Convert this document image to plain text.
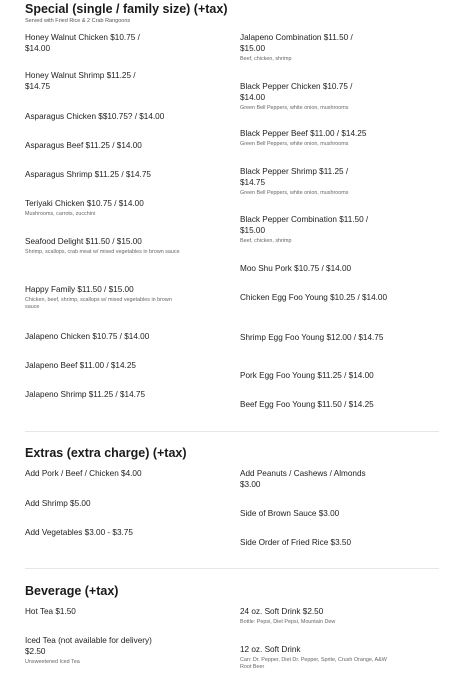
Special (single / family size) (+tax)
Served with Fried Rice & 2 Crab Rangoons
Honey Walnut Chicken $10.75 / $14.00
Honey Walnut Shrimp $11.25 / $14.75
Asparagus Chicken $$10.75? / $14.00
Asparagus Beef $11.25 / $14.00
Asparagus Shrimp $11.25 / $14.75
Teriyaki Chicken $10.75 / $14.00
Mushrooms, carrots, zucchini
Seafood Delight $11.50 / $15.00
Shrimp, scallops, crab meat w/ mixed vegetables in brown sauce
Happy Family $11.50 / $15.00
Chicken, beef, shrimp, scallops w/ mixed vegetables in brown sauce
Jalapeno Chicken $10.75 / $14.00
Jalapeno Beef $11.00 / $14.25
Jalapeno Shrimp $11.25 / $14.75
Jalapeno Combination $11.50 / $15.00
Beef, chicken, shrimp
Black Pepper Chicken $10.75 / $14.00
Green Bell Peppers, white onion, mushrooms
Black Pepper Beef $11.00 / $14.25
Green Bell Peppers, white onion, mushrooms
Black Pepper Shrimp $11.25 / $14.75
Green Bell Peppers, white onion, mushrooms
Black Pepper Combination $11.50 / $15.00
Beef, chicken, shrimp
Moo Shu Pork $10.75 / $14.00
Chicken Egg Foo Young $10.25 / $14.00
Shrimp Egg Foo Young $12.00 / $14.75
Pork Egg Foo Young $11.25 / $14.00
Beef Egg Foo Young $11.50 / $14.25
Extras (extra charge) (+tax)
Add Pork / Beef / Chicken $4.00
Add Shrimp $5.00
Add Vegetables $3.00 - $3.75
Add Peanuts / Cashews / Almonds $3.00
Side of Brown Sauce $3.00
Side Order of Fried Rice $3.50
Beverage (+tax)
Hot Tea $1.50
Iced Tea (not available for delivery) $2.50
Unsweetened Iced Tea
24 oz. Soft Drink $2.50
Bottle: Pepsi, Diet Pepsi, Mountain Dew
12 oz. Soft Drink
Can: Dr. Pepper, Diet Dr. Pepper, Sprite, Crush Orange, A&W Root Beer
